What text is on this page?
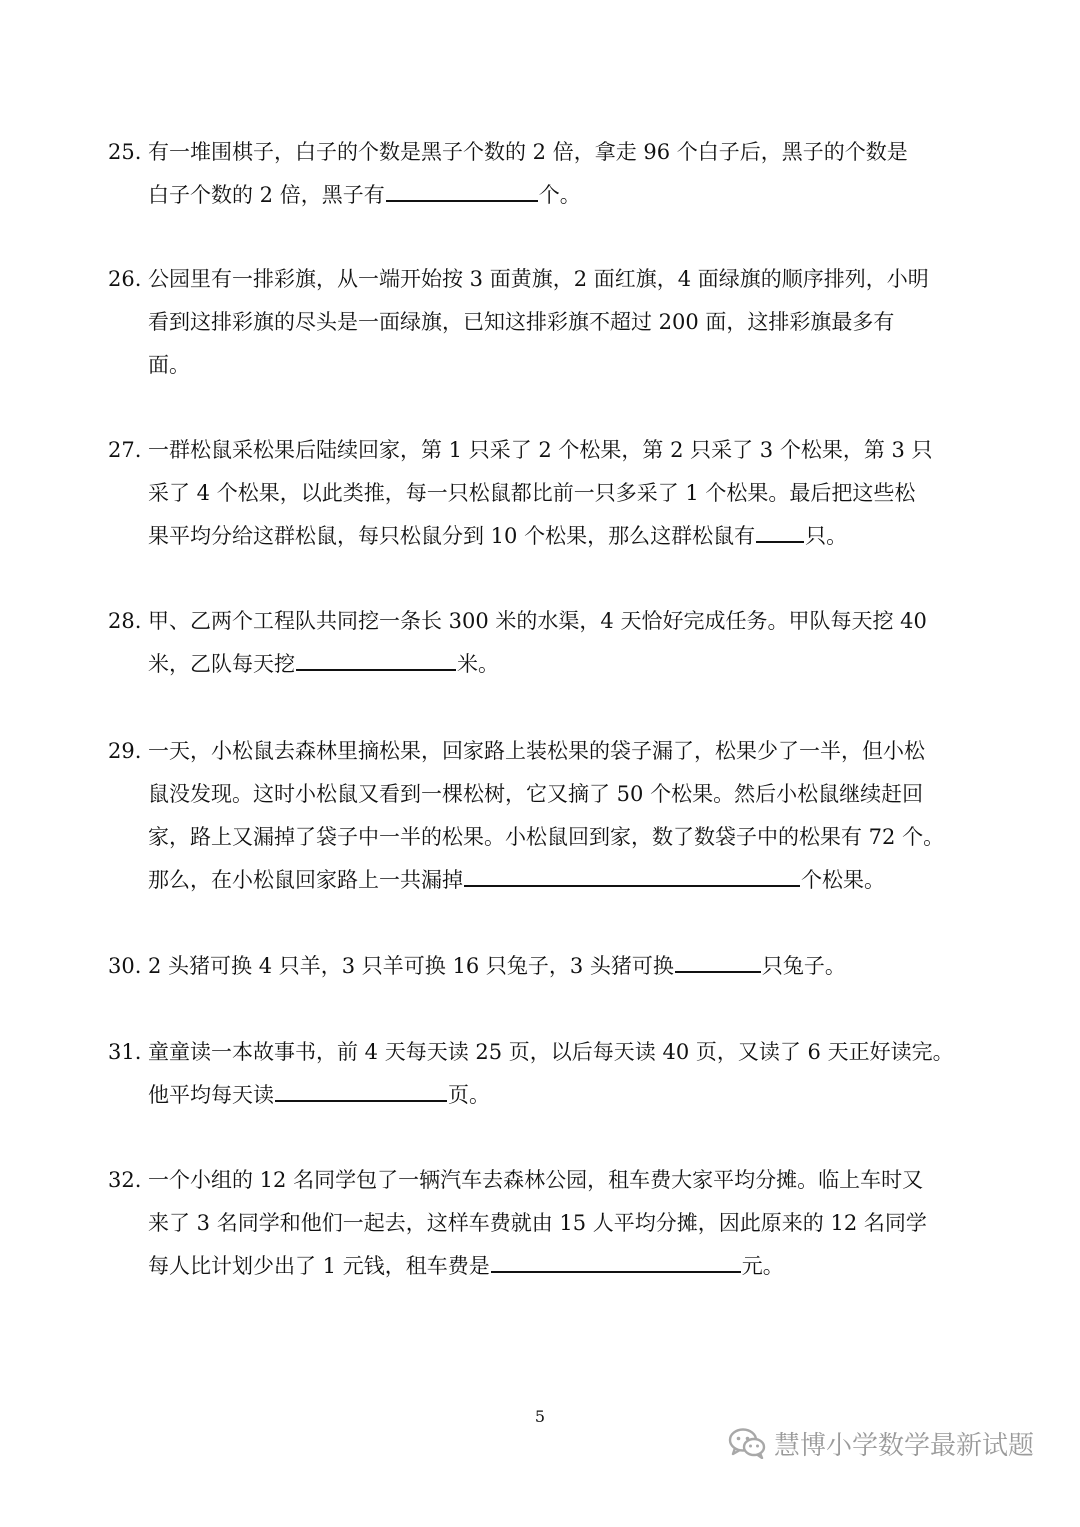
25. 有一堆围棋子，白子的个数是黑子个数的 2 倍，拿走 96 个白子后，黑子的个数是
白子个数的 2 倍，黑子有	个。
26. 公园里有一排彩旗，从一端开始按 3 面黄旗，2 面红旗，4 面绿旗的顺序排列，小明
看到这排彩旗的尽头是一面绿旗，已知这排彩旗不超过 200 面，这排彩旗最多有
面。
27. 一群松鼠采松果后陆续回家，第 1 只采了 2 个松果，第 2 只采了 3 个松果，第 3 只
采了 4 个松果，以此类推，每一只松鼠都比前一只多采了 1 个松果。最后把这些松
果平均分给这群松鼠，每只松鼠分到 10 个松果，那么这群松鼠有 只。
28. 甲、乙两个工程队共同挖一条长 300 米的水渠，4 天恰好完成任务。甲队每天挖 40
米，乙队每天挖	米。
29. 一天，小松鼠去森林里摘松果，回家路上装松果的袋子漏了，松果少了一半，但小松
鼠没发现。这时小松鼠又看到一棵松树，它又摘了 50 个松果。然后小松鼠继续赶回
家，路上又漏掉了袋子中一半的松果。小松鼠回到家，数了数袋子中的松果有 72 个。
那么，在小松鼠回家路上一共漏掉	个松果。
30. 2 头猪可换 4 只羊，3 只羊可换 16 只兔子，3 头猪可换	只兔子。
31. 童童读一本故事书，前 4 天每天读 25 页，以后每天读 40 页，又读了 6 天正好读完。
他平均每天读	页。
32. 一个小组的 12 名同学包了一辆汽车去森林公园，租车费大家平均分摊。临上车时又
来了 3 名同学和他们一起去，这样车费就由 15 人平均分摊，因此原来的 12 名同学
每人比计划少出了 1 元钱，租车费是	元。
5
慧博小学数学最新试题
